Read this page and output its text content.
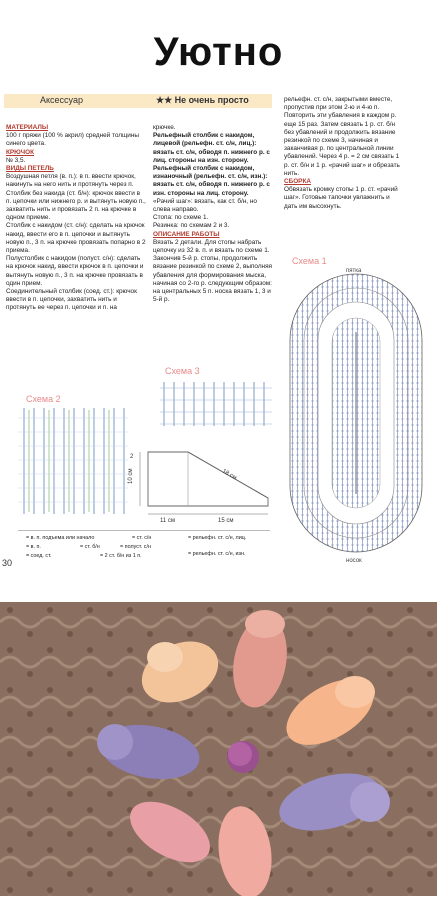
Уютно
Аксессуар	★★ Не очень просто

МАТЕРИАЛЫ

100 г пряжи (100 % акрил) средней толщины синего цвета.

КРЮЧОК

№ 3,5.

ВИДЫ ПЕТЕЛЬ

Воздушная петля (в. п.): в п. ввести крючок, накинуть на него нить и протянуть через п.

Столбик без накида (ст. б/н): крючок ввести в п. цепочки или нижнего р. и вытянуть новую п., захватить нить и провязать 2 п. на крючке в одном приеме.

Столбик с накидом (ст. с/н): сделать на крючок накид, ввести его в п. цепочки и вытянуть новую п., 3 п. на крючке провязать попарно в 2 приема.

Полустолбик с накидом (полуст. с/н): сделать на крючок накид, ввести крючок в п. цепочки и вытянуть новую п., 3 п. на крючке провязать в один прием.

Соединительный столбик (соед. ст.): крючок ввести в п. цепочки, захватить нить и протянуть ее через п. цепочки и п. на

крючке.

Рельефный столбик с накидом, лицевой (рельефн. ст. с/н, лиц.): вязать ст. с/н, обводя п. нижнего р. с лиц. стороны на изн. сторону.

Рельефный столбик с накидом, изнаночный (рельефн. ст. с/н, изн.): вязать ст. с/н, обводя п. нижнего р. с изн. стороны на лиц. сторону.

«Рачий шаг»: вязать, как ст. б/н, но слева направо.

Стопа: по схеме 1.

Резинка: по схемам 2 и 3.

ОПИСАНИЕ РАБОТЫ

Вязать 2 детали. Для стопы набрать цепочку из 32 в. п. и вязать по схеме 1. Закончив 5-й р. стопы, продолжить вязание резинкой по схеме 2, выполняя убавления для формирования мыска, начиная со 2-го р. следующим образом: на центральных 5 п. носка вязать 1, 3 и 5-й р.

рельефн. ст. с/н, закрытыми вместе, пропустив при этом 2-ю и 4-ю п. Повторить эти убавления в каждом р. еще 15 раз. Затем связать 1 р. ст. б/н без убавлений и продолжить вязание резинкой по схеме 3, начиная и заканчивая р. по центральной линии убавлений. Через 4 р. = 2 см связать 1 р. ст. б/н и 1 р. «рачий шаг» и обрезать нить.

СБОРКА

Обвязать кромку стопы 1 р. ст. «рачий шаг». Готовые тапочки увлажнить и дать им высохнуть.

Схема 1
пятка
носок
Схема 3
10 см
2
18 см
11 см	15 см
Схема 2
= в. п. подъема или начало
= в. п.	= ст. б/н
= соед. ст.	= 2 ст. б/н из 1 п.
= ст. с/н
= полуст. с/н
= рельефн. ст. с/н, лиц.
= рельефн. ст. с/н, изн.
30
